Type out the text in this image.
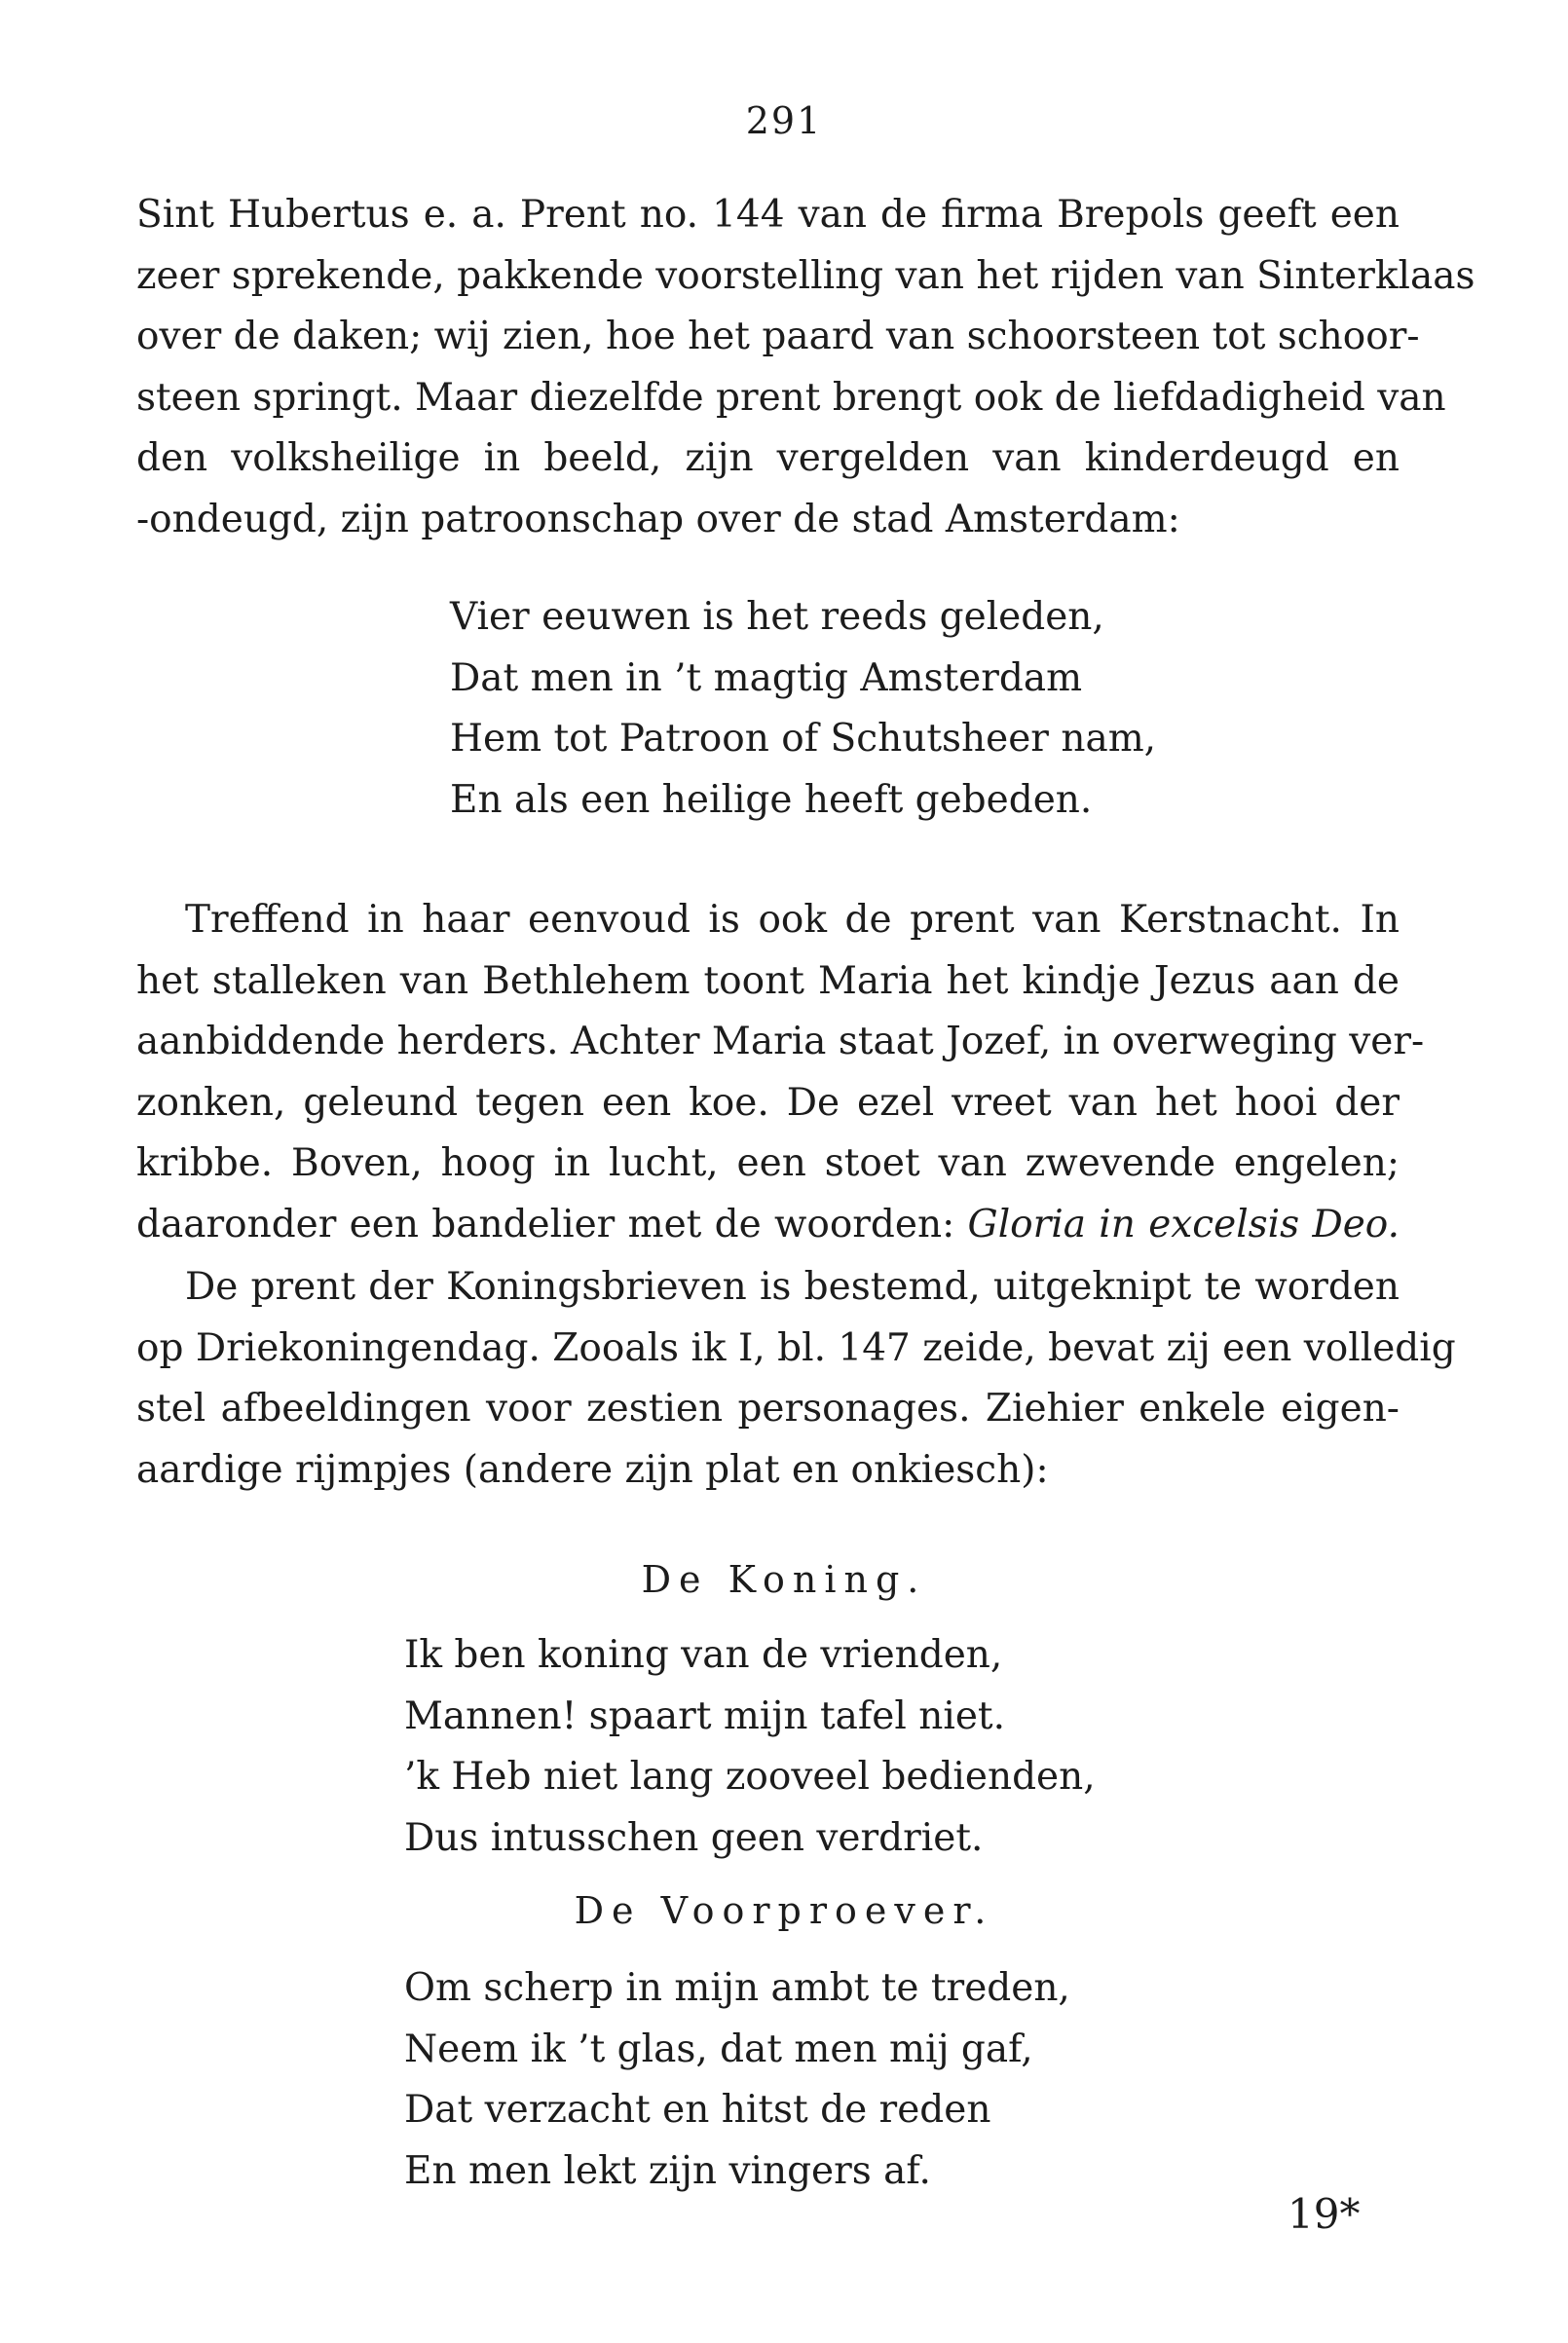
291
Sint Hubertus e. a. Prent no. 144 van de firma Brepols geeft een
zeer sprekende, pakkende voorstelling van het rijden van Sinterklaas
over de daken; wij zien, hoe het paard van schoorsteen tot schoor-
steen springt. Maar diezelfde prent brengt ook de liefdadigheid van
den volksheilige in beeld, zijn vergelden van kinderdeugd en
-ondeugd, zijn patroonschap over de stad Amsterdam:
Vier eeuwen is het reeds geleden,
Dat men in ’t magtig Amsterdam
Hem tot Patroon of Schutsheer nam,
En als een heilige heeft gebeden.
Treffend in haar eenvoud is ook de prent van Kerstnacht. In
het stalleken van Bethlehem toont Maria het kindje Jezus aan de
aanbiddende herders. Achter Maria staat Jozef, in overweging ver-
zonken, geleund tegen een koe. De ezel vreet van het hooi der
kribbe. Boven, hoog in lucht, een stoet van zwevende engelen;
daaronder een bandelier met de woorden: Gloria in excelsis Deo.
De prent der Koningsbrieven is bestemd, uitgeknipt te worden
op Driekoningendag. Zooals ik I, bl. 147 zeide, bevat zij een volledig
stel afbeeldingen voor zestien personages. Ziehier enkele eigen-
aardige rijmpjes (andere zijn plat en onkiesch):
De Koning.
Ik ben koning van de vrienden,
Mannen! spaart mijn tafel niet.
’k Heb niet lang zooveel bedienden,
Dus intusschen geen verdriet.
De Voorproever.
Om scherp in mijn ambt te treden,
Neem ik ’t glas, dat men mij gaf,
Dat verzacht en hitst de reden
En men lekt zijn vingers af.
19*
